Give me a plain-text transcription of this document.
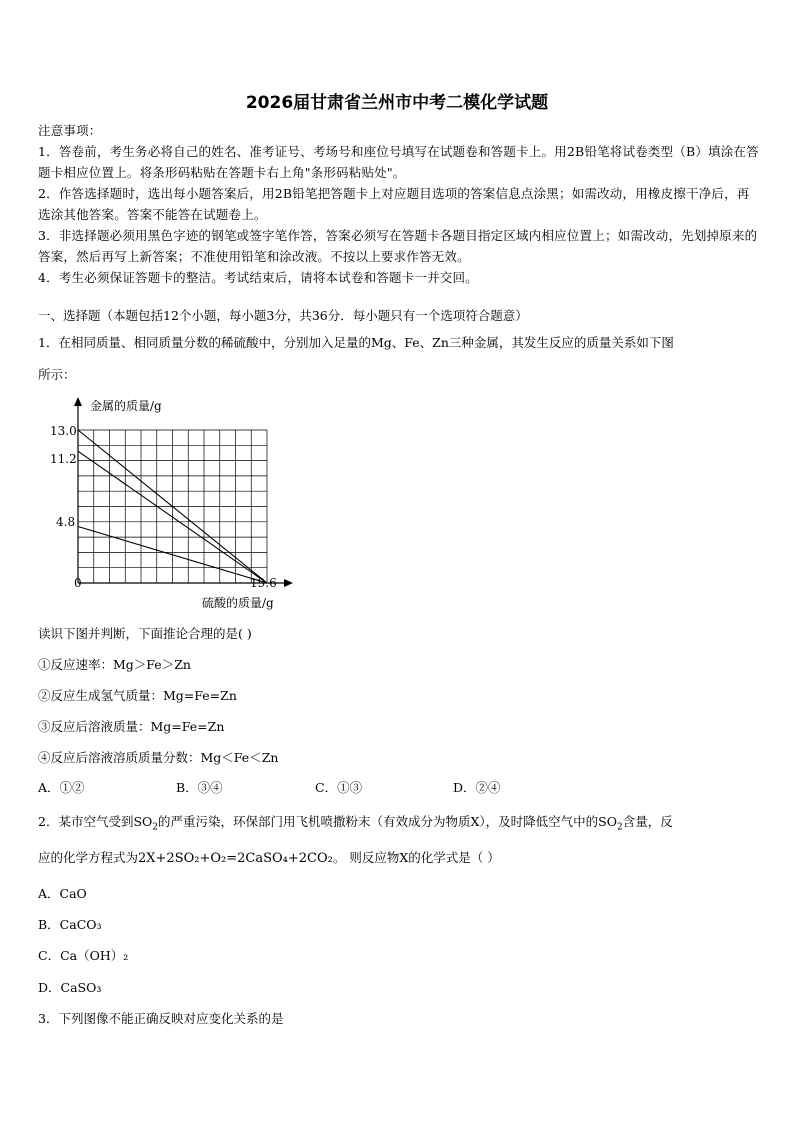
2026届甘肃省兰州市中考二模化学试题

注意事项：

1．答卷前，考生务必将自己的姓名、准考证号、考场号和座位号填写在试题卷和答题卡上。用2B铅笔将试卷类型（B）填涂在答题卡相应位置上。将条形码粘贴在答题卡右上角"条形码粘贴处"。

2．作答选择题时，选出每小题答案后，用2B铅笔把答题卡上对应题目选项的答案信息点涂黑；如需改动，用橡皮擦干净后，再选涂其他答案。答案不能答在试题卷上。

3．非选择题必须用黑色字迹的钢笔或签字笔作答，答案必须写在答题卡各题目指定区域内相应位置上；如需改动，先划掉原来的答案，然后再写上新答案；不准使用铅笔和涂改液。不按以上要求作答无效。

4．考生必须保证答题卡的整洁。考试结束后，请将本试卷和答题卡一并交回。

一、选择题（本题包括12个小题，每小题3分，共36分．每小题只有一个选项符合题意）
1．在相同质量、相同质量分数的稀硫酸中，分别加入足量的Mg、Fe、Zn三种金属，其发生反应的质量关系如下图
所示：
金属的质量/g
硫酸的质量/g
0
13.0
11.2
4.8
19.6
读识下图并判断，下面推论合理的是( )
①反应速率：Mg＞Fe＞Zn
②反应生成氢气质量：Mg=Fe=Zn
③反应后溶液质量：Mg=Fe=Zn
④反应后溶液溶质质量分数：Mg＜Fe＜Zn
A．①②	B．③④	C．①③	D．②④
2．某市空气受到$SO_2$的严重污染，环保部门用飞机喷撒粉末（有效成分为物质X），及时降低空气中的$SO_2$含量，反
应的化学方程式为2X+2SO₂+O₂=2CaSO₄+2CO₂。 则反应物X的化学式是（ ）
A．CaO
B．CaCO₃
C．Ca（OH）₂
D．CaSO₃
3．下列图像不能正确反映对应变化关系的是
